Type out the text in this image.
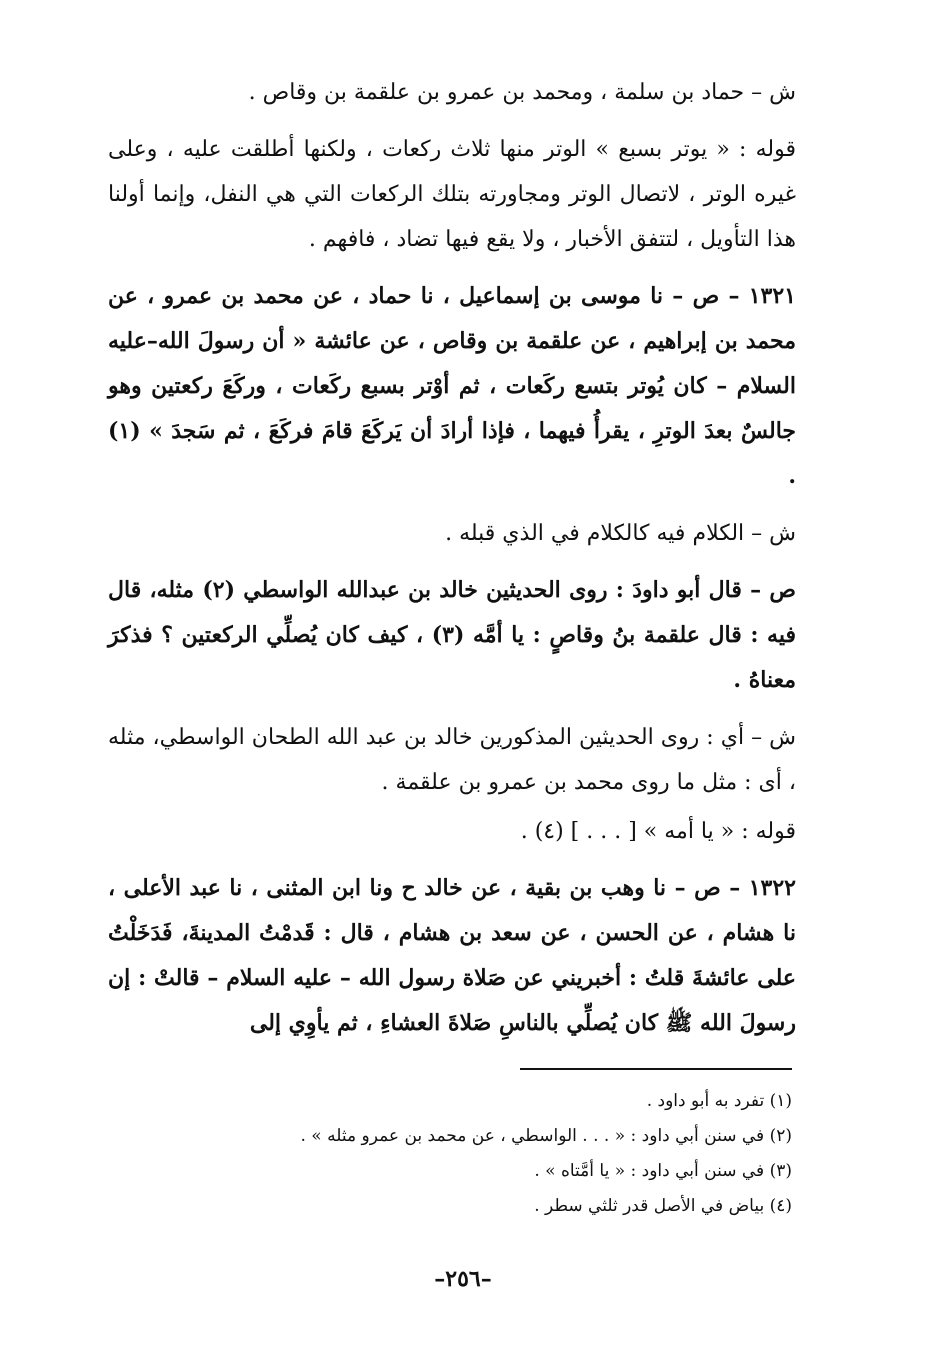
ش – حماد بن سلمة ، ومحمد بن عمرو بن علقمة بن وقاص .

قوله : « يوتر بسبع » الوتر منها ثلاث ركعات ، ولكنها أطلقت عليه ، وعلى غيره الوتر ، لاتصال الوتر ومجاورته بتلك الركعات التي هي النفل، وإنما أولنا هذا التأويل ، لتتفق الأخبار ، ولا يقع فيها تضاد ، فافهم .

١٣٢١ – ص – نا موسى بن إسماعيل ، نا حماد ، عن محمد بن عمرو ، عن محمد بن إبراهيم ، عن علقمة بن وقاص ، عن عائشة « أن رسولَ الله–عليه السلام – كان يُوتر بتسع ركَعات ، ثم أوْتر بسبع ركَعات ، وركَعَ ركعتين وهو جالسٌ بعدَ الوترِ ، يقرأُ فيهما ، فإذا أرادَ أن يَركَعَ قامَ فركَعَ ، ثم سَجدَ » (١) .

ش – الكلام فيه كالكلام في الذي قبله .

ص – قال أبو داودَ : روى الحديثين خالد بن عبدالله الواسطي (٢) مثله، قال فيه : قال علقمة بنُ وقاصٍ : يا أمَّه (٣) ، كيف كان يُصلِّي الركعتين ؟ فذكرَ معناهُ .

ش – أي : روى الحديثين المذكورين خالد بن عبد الله الطحان الواسطي، مثله ، أى : مثل ما روى محمد بن عمرو بن علقمة .

قوله : « يا أمه » [ . . . ] (٤) .

١٣٢٢ – ص – نا وهب بن بقية ، عن خالد ح ونا ابن المثنى ، نا عبد الأعلى ، نا هشام ، عن الحسن ، عن سعد بن هشام ، قال : قَدمْتُ المدينةَ، فَدَخَلْتُ على عائشةَ قلتُ : أخبريني عن صَلاة رسول الله – عليه السلام – قالتْ : إن رسولَ الله ﷺ كان يُصلِّي بالناسِ صَلاةَ العشاءِ ، ثم يأوِي إلى

(١) تفرد به أبو داود .

(٢) في سنن أبي داود : « . . . الواسطي ، عن محمد بن عمرو مثله » .

(٣) في سنن أبي داود : « يا أمَّتاه » .

(٤) بياض في الأصل قدر ثلثي سطر .

–٢٥٦–
